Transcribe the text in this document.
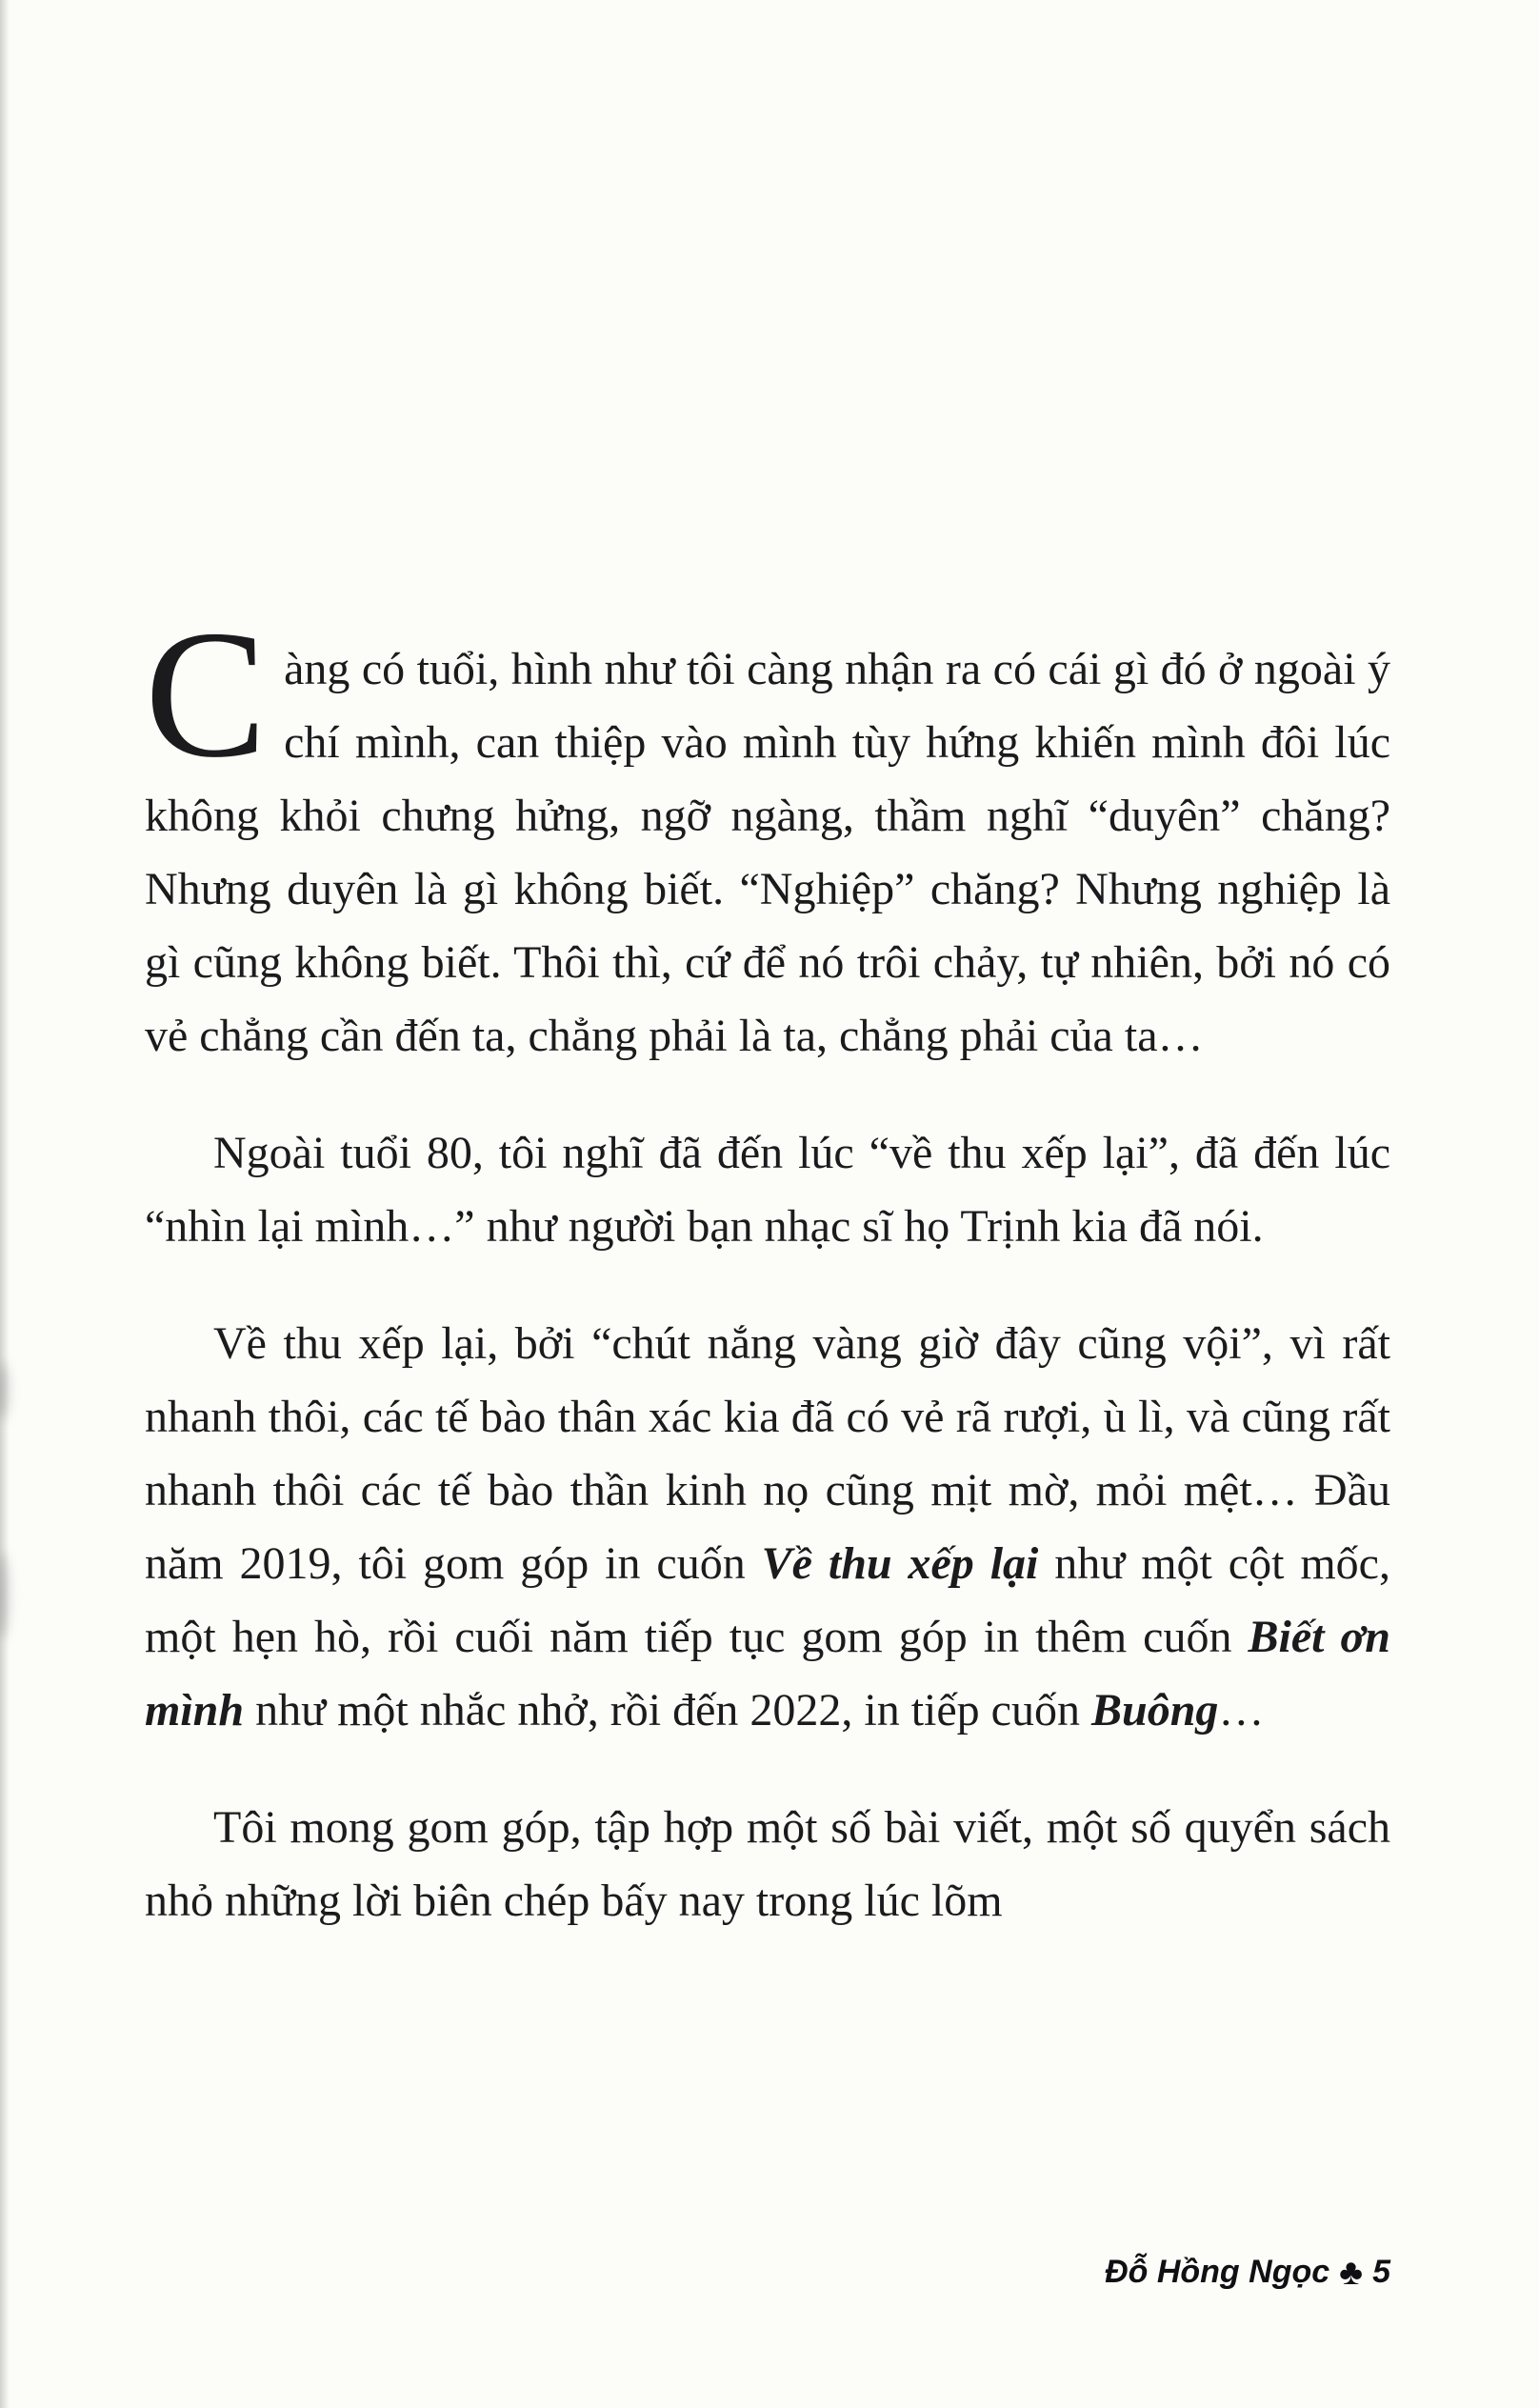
Càng có tuổi, hình như tôi càng nhận ra có cái gì đó ở ngoài ý chí mình, can thiệp vào mình tùy hứng khiến mình đôi lúc không khỏi chưng hửng, ngỡ ngàng, thầm nghĩ “duyên” chăng? Nhưng duyên là gì không biết. “Nghiệp” chăng? Nhưng nghiệp là gì cũng không biết. Thôi thì, cứ để nó trôi chảy, tự nhiên, bởi nó có vẻ chẳng cần đến ta, chẳng phải là ta, chẳng phải của ta…

Ngoài tuổi 80, tôi nghĩ đã đến lúc “về thu xếp lại”, đã đến lúc “nhìn lại mình…” như người bạn nhạc sĩ họ Trịnh kia đã nói.

Về thu xếp lại, bởi “chút nắng vàng giờ đây cũng vội”, vì rất nhanh thôi, các tế bào thân xác kia đã có vẻ rã rượi, ù lì, và cũng rất nhanh thôi các tế bào thần kinh nọ cũng mịt mờ, mỏi mệt… Đầu năm 2019, tôi gom góp in cuốn Về thu xếp lại như một cột mốc, một hẹn hò, rồi cuối năm tiếp tục gom góp in thêm cuốn Biết ơn mình như một nhắc nhở, rồi đến 2022, in tiếp cuốn Buông…

Tôi mong gom góp, tập hợp một số bài viết, một số quyển sách nhỏ những lời biên chép bấy nay trong lúc lõm

Đỗ Hồng Ngọc ♣ 5
